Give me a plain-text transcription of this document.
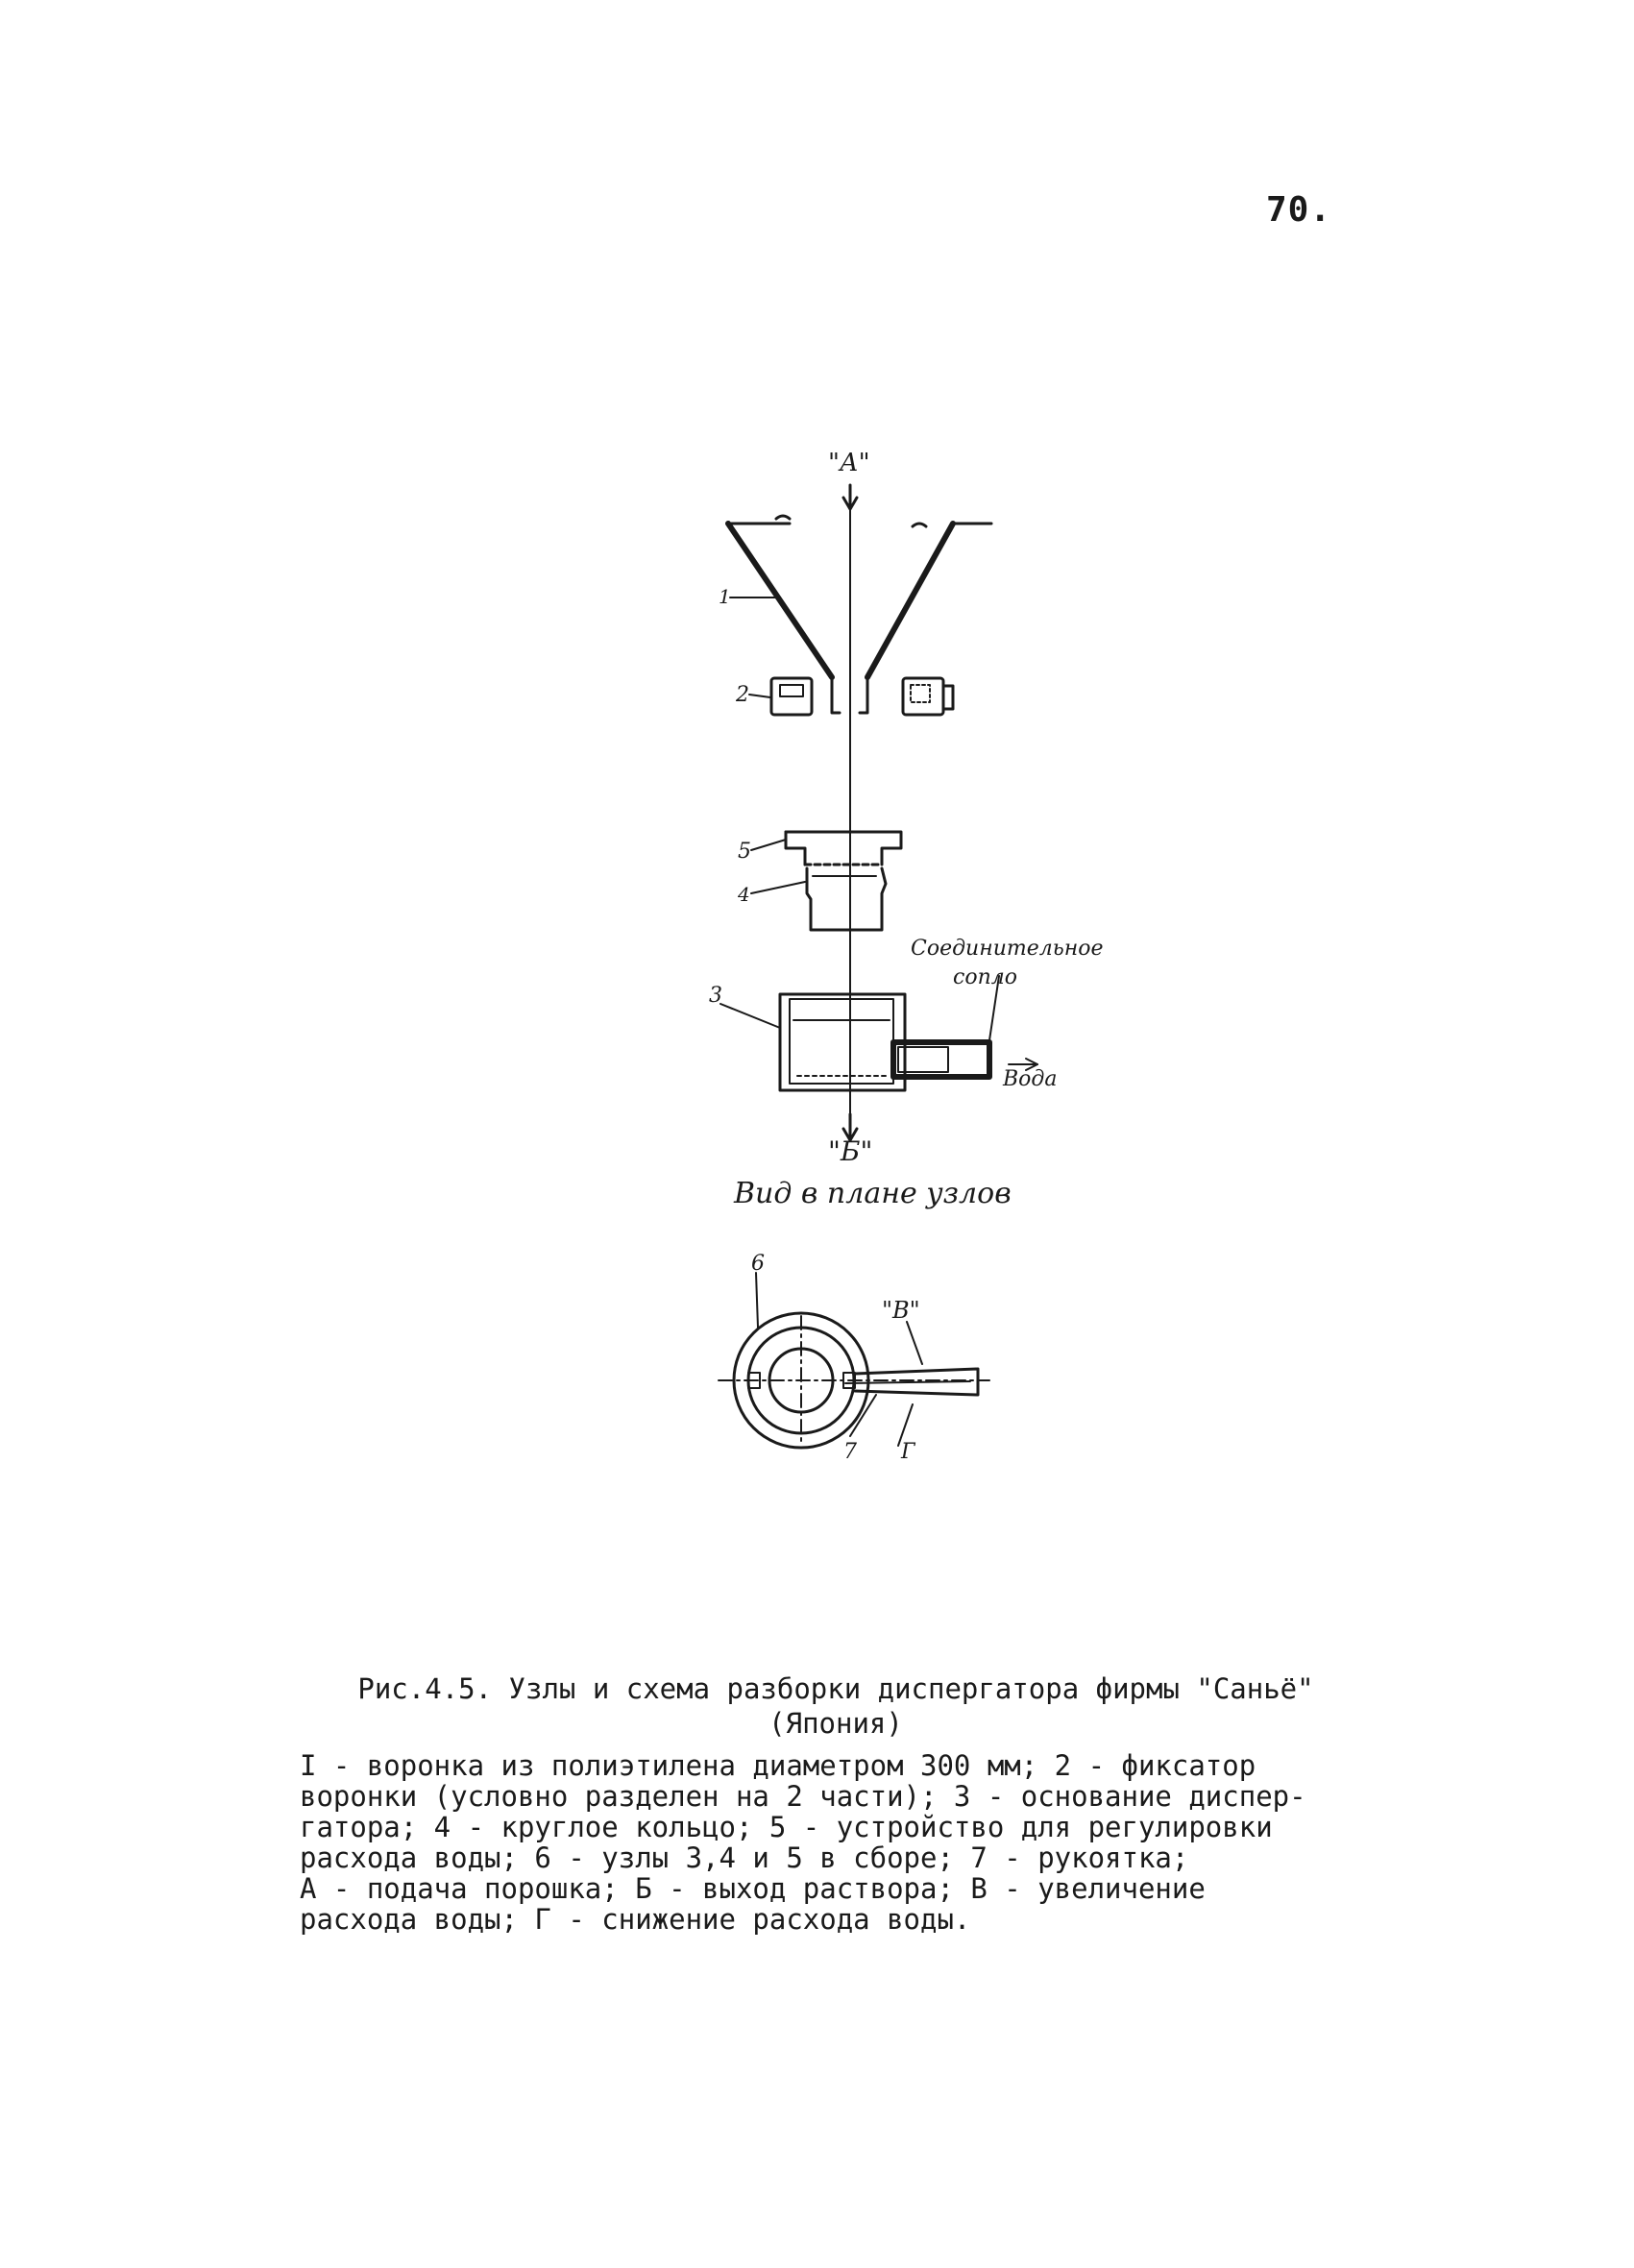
70.
"А"
"Б"
1
2
5
4
3
Соединительное
сопло
Вода
Вид в плане узлов
6
"В"
7 Г
Рис.4.5. Узлы и схема разборки диспергатора фирмы "Саньё"
(Япония)
I - воронка из полиэтилена диаметром 300 мм; 2 - фиксатор
воронки (условно разделен на 2 части); 3 - основание диспер-
гатора; 4 - круглое кольцо; 5 - устройство для регулировки
расхода воды; 6 - узлы 3,4 и 5 в сборе; 7 - рукоятка;
А - подача порошка; Б - выход раствора; В - увеличение
расхода воды; Г - снижение расхода воды.
